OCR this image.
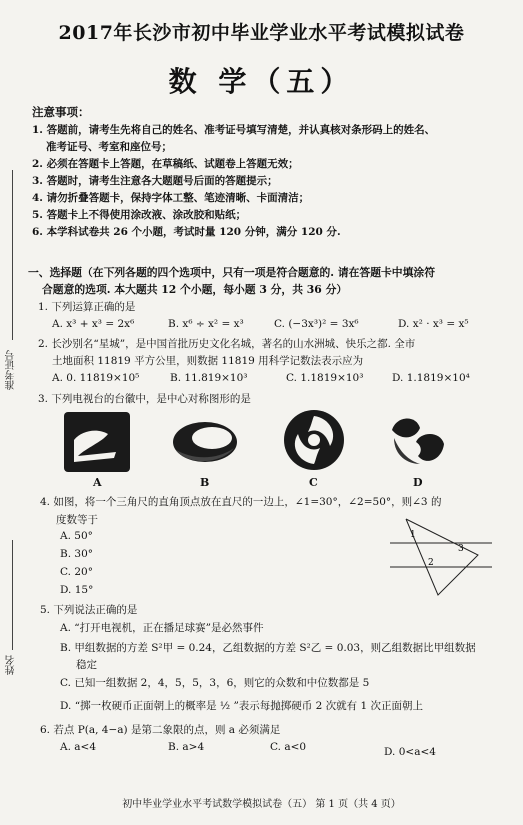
2017年长沙市初中毕业学业水平考试模拟试卷
数 学（五）
注意事项：
1. 答题前，请考生先将自己的姓名、准考证号填写清楚，并认真核对条形码上的姓名、
准考证号、考室和座位号；
2. 必须在答题卡上答题，在草稿纸、试题卷上答题无效；
3. 答题时，请考生注意各大题题号后面的答题提示；
4. 请勿折叠答题卡，保持字体工整、笔迹清晰、卡面清洁；
5. 答题卡上不得使用涂改液、涂改胶和贴纸；
6. 本学科试卷共 26 个小题，考试时量 120 分钟，满分 120 分.
一、选择题（在下列各题的四个选项中，只有一项是符合题意的. 请在答题卡中填涂符
合题意的选项. 本大题共 12 个小题，每小题 3 分，共 36 分）
1. 下列运算正确的是
A. x³ + x³ = 2x⁶	B. x⁶ ÷ x² = x³	C. (−3x³)² = 3x⁶	D. x² · x³ = x⁵
2. 长沙别名“星城”，是中国首批历史文化名城，著名的山水洲城、快乐之都. 全市
土地面积 11819 平方公里，则数据 11819 用科学记数法表示应为
A. 0. 11819×10⁵	B. 11.819×10³	C. 1.1819×10³	D. 1.1819×10⁴
3. 下列电视台的台徽中，是中心对称图形的是
A	B	C	D
4. 如图，将一个三角尺的直角顶点放在直尺的一边上，∠1=30°，∠2=50°，则∠3 的
度数等于
A. 50°
B. 30°
C. 20°
D. 15°
1
3
2
5. 下列说法正确的是
A. “打开电视机，正在播足球赛”是必然事件
B. 甲组数据的方差 S²甲 = 0.24，乙组数据的方差 S²乙 = 0.03，则乙组数据比甲组数据
稳定
C. 已知一组数据 2，4，5，5，3，6，则它的众数和中位数都是 5
D. “掷一枚硬币正面朝上的概率是 ½ ”表示每抛掷硬币 2 次就有 1 次正面朝上
6. 若点 P(a, 4−a) 是第二象限的点，则 a 必须满足
A. a<4	B. a>4	C. a<0	D. 0<a<4
准考证号
姓名
初中毕业学业水平考试数学模拟试卷（五） 第 1 页（共 4 页）
